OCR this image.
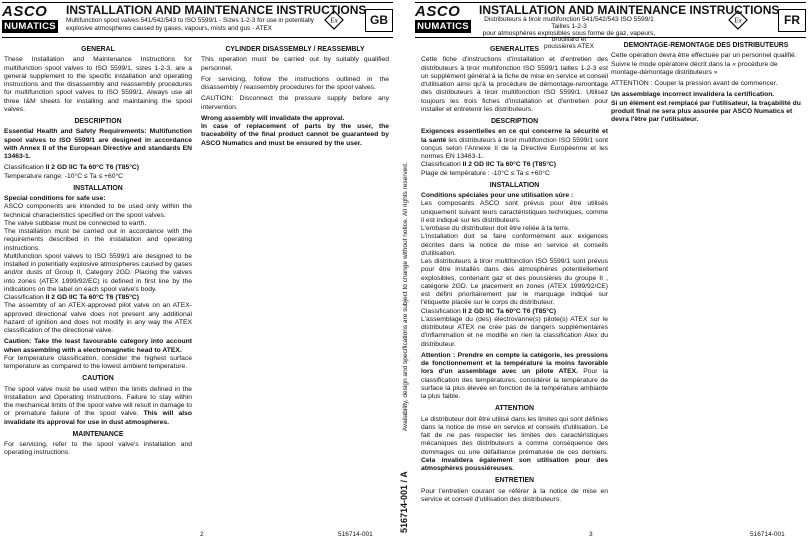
ASCO
NUMATICS
INSTALLATION AND MAINTENANCE INSTRUCTIONS
Multifunction spool valves 541/542/543 to ISO 5599/1 - Sizes 1-2-3 for use in potentially
explosive atmospheres caused by gases, vapours, mists and gus - ATEX
Ex	GB
GENERAL

These Installation and Maintenance Instructions for multifunction spool valves to ISO 5599/1, sizes 1-2-3, are a general supplement to the specific installation and operating instructions and the disassembly and reassembly procedures for multifunction spool valves to ISO 5599/1. Always use all three I&M sheets for installing and maintaining the spool valves.

DESCRIPTION

Essential Health and Safety Requirements: Multifunction spool valves to ISO 5599/1 are designed in accordance with Annex II of the European Directive and standards EN 13463-1.

Classification II 2 GD IIC Ta 60°C T6 (T85°C)

Temperature range: -10°C ≤ Ta ≤ +60°C

INSTALLATION

Special conditions for safe use:

ASCO components are intended to be used only within the technical characteristics specified on the spool valves.

The valve subbase must be connected to earth.

The installation must be carried out in accordance with the requirements described in the installation and operating instructions.

Multifunction spool valves to ISO 5599/1 are designed to be installed in potentially explosive atmospheres caused by gases and/or dusts of Group II, Category 2GD. Placing the valves into zones (ATEX 1999/92/EC) is defined in first line by the indications on the label on each spool valve's body.

Classification II 2 GD IIC Ta 60°C T6 (T85°C)

The assembly of an ATEX-approved pilot valve on an ATEX-approved directional valve does not present any additional hazard of ignition and does not modify in any way the ATEX classification of the directional valve.

Caution: Take the least favourable category into account when assembling with a electromagnetic head to ATEX.

For temperature classification, consider the highest surface temperature as compared to the lowest ambient temperature.

CAUTION

The spool valve must be used within the limits defined in the Installation and Operating Instructions. Failure to stay within the mechanical limits of the spool valve will result in damage to or premature failure of the spool valve. This will also invalidate its approval for use in dust atmospheres.

MAINTENANCE

For servicing, refer to the spool valve's installation and operating instructions.

CYLINDER DISASSEMBLY / REASSEMBLY

This operation must be carried out by suitably qualified personnel.

For servicing, follow the instructions outlined in the disassembly / reassembly procedures for the spool valves.

CAUTION: Disconnect the pressure supply before any intervention.

Wrong assembly will invalidate the approval.

In case of replacement of parts by the user, the traceability of the final product cannot be guaranteed by ASCO Numatics and must be ensured by the user.

2	516714-001
516714-001 / AAvailability, design and specifications are subject to change without notice. All rights reserved.
ASCO
NUMATICS
INSTALLATION AND MAINTENANCE INSTRUCTIONS
Distributeurs à tiroir multifonction 541/542/543 ISO 5599/1 Tailles 1-2-3
pour atmosphères explosibles sous forme de gaz, vapeurs, brouillard et
poussières ATEX
Ex	FR
GENERALITES

Cette fiche d'instructions d'installation et d'entretien des distributeurs à tiroir multifonction ISO 5599/1 tailles 1-2-3 est un supplément général à la fiche de mise en service et conseil d'utilisation ainsi qu'à la procédure de démontage-remontage des distributeurs à tiroir multifonction ISO 5599/1. Utilisez toujours les trois fiches d'installation et d'entretien pour installer et entretenir les distributeurs.

DESCRIPTION

Exigences essentielles en ce qui concerne la sécurité et la santé les distributeurs à tiroir multifonction ISO 5599/1 sont conçus selon l'Annexe II de la Directive Européenne et les normes EN 13463-1.

Classification II 2 GD IIC Ta 60°C T6 (T85°C)

Plage de température : -10°C ≤ Ta ≤ +60°C

INSTALLATION

Conditions spéciales pour une utilisation sûre :

Les composants ASCO sont prévus pour être utilisés uniquement suivant leurs caractéristiques techniques, comme il est indiqué sur les distributeurs.

L'embase du distributeur doit être reliée à la terre.

L'installation doit se faire conformément aux exigences décrites dans la notice de mise en service et conseils d'utilisation.

Les distributeurs à tiroir multifonction ISO 5599/1 sont prévus pour être installés dans des atmosphères potentiellement explosibles, contenant gaz et des poussières du groupe II , catégorie 2GD. Le placement en zones (ATEX 1999/92/CE) est défini prioritairement par le marquage indiqué sur l'étiquette placée sur le corps du distributeur.

Classification II 2 GD IIC Ta 60°C T6 (T85°C)

L'assemblage du (des) électrovanne(s) pilote(s) ATEX sur le distributeur ATEX ne crée pas de dangers supplémentaires d'inflammation et ne modifie en rien la classification Atex du distributeur.

Attention : Prendre en compte la catégorie, les pressions de fonctionnement et la température la moins favorable lors d'un assemblage avec un pilote ATEX. Pour la classification des températures, considérer la température de surface la plus élevée en fonction de la température ambiante la plus faible.

ATTENTION

Le distributeur doit être utilisé dans les limites qui sont définies dans la notice de mise en service et conseils d'utilisation. Le fait de ne pas respecter les limites des caractéristiques mécaniques des distributeurs a comme conséquence des dommages ou une défaillance prématurée de ces derniers. Cela invalidera également son utilisation pour des atmosphères poussiéreuses.

ENTRETIEN

Pour l'entretien courant se référer à la notice de mise en service et conseil d'utilisation des distributeurs.

DEMONTAGE-REMONTAGE DES DISTRIBUTEURS

Cette opération devra être effectuée par un personnel qualifié.

Suivre le mode opératoire décrit dans la « procédure de montage-démontage distributeurs »

ATTENTION : Couper la pression avant de commencer.

Un assemblage incorrect invalidera la certification.

Si un élément est remplacé par l'utilisateur, la traçabilité du produit final ne sera plus assurée par ASCO Numatics et devra l'être par l'utilisateur.

3	516714-001
